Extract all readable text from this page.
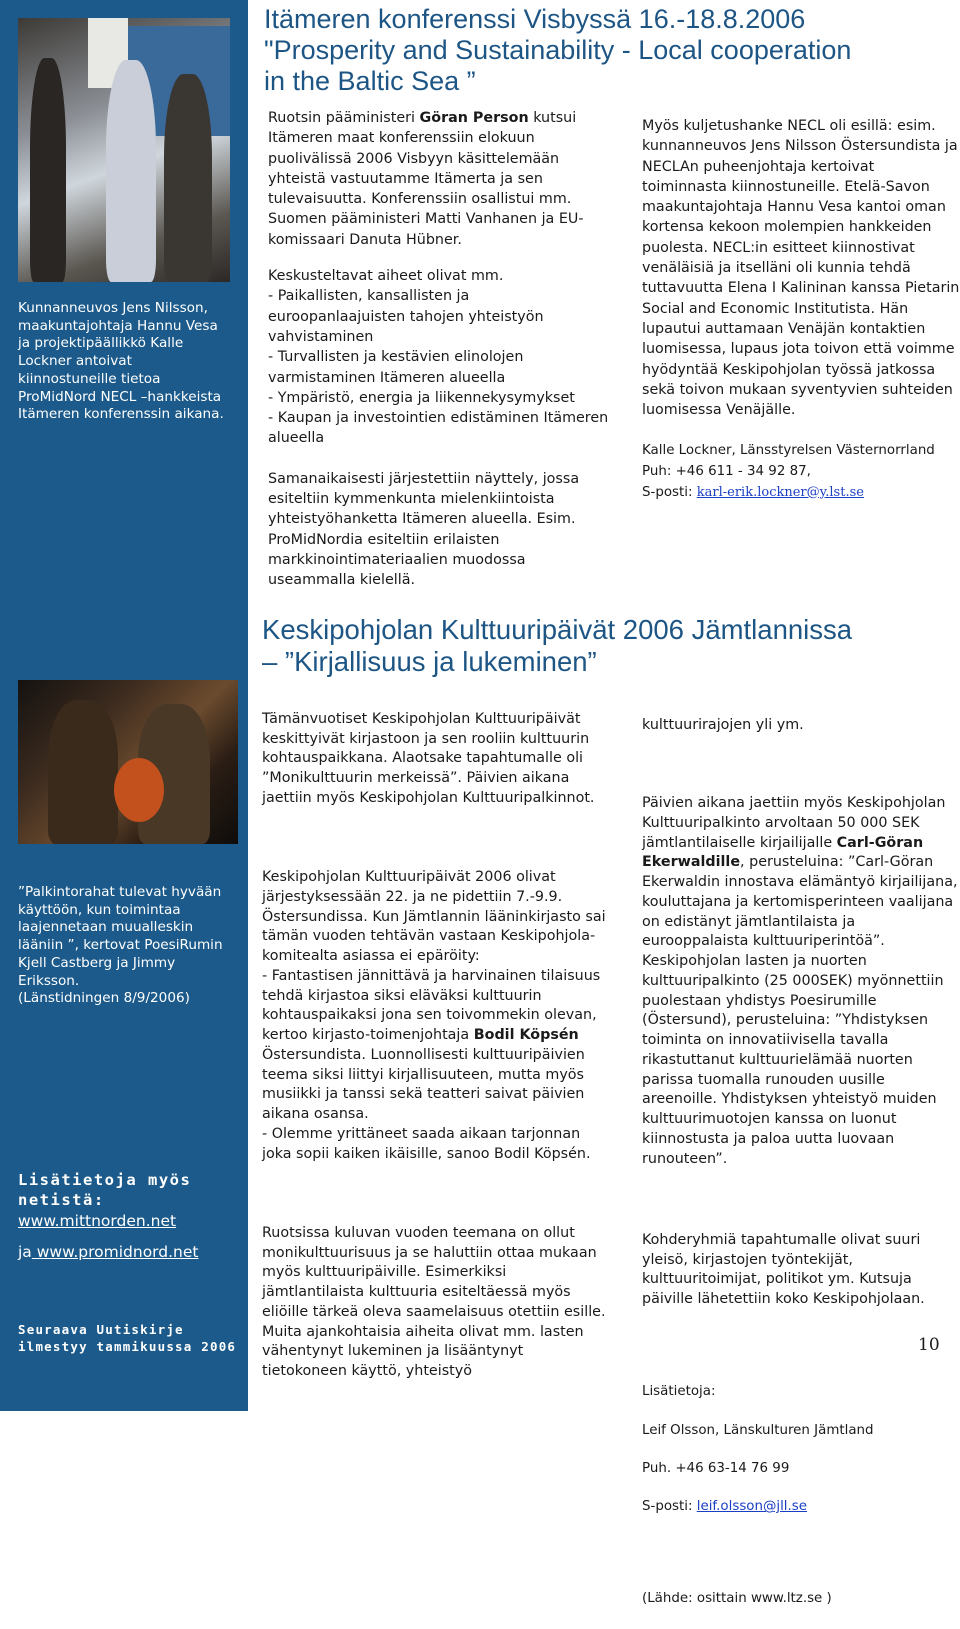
Kunnanneuvos Jens Nilsson, maakuntajohtaja Hannu Vesa ja projektipäällikkö Kalle Lockner antoivat kiinnostuneille tietoa ProMidNord NECL –hankkeista Itämeren konferenssin aikana.

”Palkintorahat tulevat hyvään käyttöön, kun toimintaa laajennetaan muualleskin lääniin ”, kertovat PoesiRumin Kjell Castberg ja Jimmy Eriksson.

(Länstidningen 8/9/2006)

Lisätietoja myös netistä:

www.mittnorden.net

ja www.promidnord.net

Seuraava Uutiskirje ilmestyy tammikuussa 2006
Itämeren konferenssi Visbyssä 16.-18.8.2006
"Prosperity and Sustainability - Local cooperation
in the Baltic Sea ”

Ruotsin pääministeri Göran Person kutsui Itämeren maat konferenssiin elokuun puolivälissä 2006 Visbyyn käsittelemään yhteistä vastuutamme Itämerta ja sen tulevaisuutta. Konferenssiin osallistui mm. Suomen pääministeri Matti Vanhanen ja EU-komissaari Danuta Hübner.

Keskusteltavat aiheet olivat mm.

- Paikallisten, kansallisten ja euroopanlaajuisten tahojen yhteistyön vahvistaminen

- Turvallisten ja kestävien elinolojen varmistaminen Itämeren alueella

- Ympäristö, energia ja liikennekysymykset

- Kaupan ja investointien edistäminen Itämeren alueella

Samanaikaisesti järjestettiin näyttely, jossa esiteltiin kymmenkunta mielenkiintoista yhteistyöhanketta Itämeren alueella. Esim. ProMidNordia esiteltiin erilaisten markkinointimateriaalien muodossa useammalla kielellä.

Myös kuljetushanke NECL oli esillä: esim. kunnanneuvos Jens Nilsson Östersundista ja NECLAn puheenjohtaja kertoivat toiminnasta kiinnostuneille. Etelä-Savon maakuntajohtaja Hannu Vesa kantoi oman kortensa kekoon molempien hankkeiden puolesta. NECL:in esitteet kiinnostivat venäläisiä ja itsellänі oli kunnia tehdä tuttavuutta Elena I Kalininan kanssa Pietarin Social and Economic Institutista. Hän lupautui auttamaan Venäjän kontaktien luomisessa, lupaus jota toivon että voimme hyödyntää Keskipohjolan työssä jatkossa sekä toivon mukaan syventyvien suhteiden luomisessa Venäjälle.

Kalle Lockner, Länsstyrelsen Västernorrland

Puh: +46 611 - 34 92 87,

S-posti: karl-erik.lockner@y.lst.se

Keskipohjolan Kulttuuripäivät 2006 Jämtlannissa
– ”Kirjallisuus ja lukeminen”

Tämänvuotiset Keskipohjolan Kulttuuripäivät keskittyivät kirjastoon ja sen rooliin kulttuurin kohtauspaikkana. Alaotsake tapahtumalle oli ”Monikulttuurin merkeissä”. Päivien aikana jaettiin myös Keskipohjolan Kulttuuripalkinnot.

Keskipohjolan Kulttuuripäivät 2006 olivat järjestyksessään 22. ja ne pidettiin 7.-9.9. Östersundissa. Kun Jämtlannin lääninkirjasto sai tämän vuoden tehtävän vastaan Keskipohjola-komitealta asiassa ei epäröity:
- Fantastisen jännittävä ja harvinainen tilaisuus tehdä kirjastoa siksi eläväksi kulttuurin kohtauspaikaksi jona sen toivommekin olevan, kertoo kirjasto-toimenjohtaja Bodil Köpsén Östersundista. Luonnollisesti kulttuuripäivien teema siksi liittyi kirjallisuuteen, mutta myös musiikki ja tanssi sekä teatteri saivat päivien aikana osansa.
- Olemme yrittäneet saada aikaan tarjonnan joka sopii kaiken ikäisille, sanoo Bodil Köpsén.

Ruotsissa kuluvan vuoden teemana on ollut monikulttuurisuus ja se haluttiin ottaa mukaan myös kulttuuripäiville. Esimerkiksi jämtlantilaista kulttuuria esiteltäessä myös eliöille tärkeä oleva saamelaisuus otettiin esille.
Muita ajankohtaisia aiheita olivat mm. lasten vähentynyt lukeminen ja lisääntynyt tietokoneen käyttö, yhteistyö

kulttuurirajojen yli ym.

Päivien aikana jaettiin myös Keskipohjolan Kulttuuripalkinto arvoltaan 50 000 SEK jämtlantilaiselle kirjailijalle Carl-Göran Ekerwaldille, perusteluina: ”Carl-Göran Ekerwaldin innostava elämäntyö kirjailijana, kouluttajana ja kertomisperinteen vaalijana on edistänyt jämtlantilaista ja eurooppalaista kulttuuriperintöä”.
Keskipohjolan lasten ja nuorten kulttuuripalkinto (25 000SEK) myönnettiin puolestaan yhdistys Poesirumille (Östersund), perusteluina: ”Yhdistyksen toiminta on innovatiivisella tavalla rikastuttanut kulttuurielämää nuorten parissa tuomalla runouden uusille areenoille. Yhdistyksen yhteistyö muiden kulttuurimuotojen kanssa on luonut kiinnostusta ja paloa uutta luovaan runouteen”.

Kohderyhmiä tapahtumalle olivat suuri yleisö, kirjastojen työntekijät, kulttuuritoimijat, politikot ym. Kutsuja päiville lähetettiin koko Keskipohjolaan.

Lisätietoja:

Leif Olsson, Länskulturen Jämtland

Puh. +46 63-14 76 99

S-posti: leif.olsson@jll.se

(Lähde: osittain www.ltz.se )

10
